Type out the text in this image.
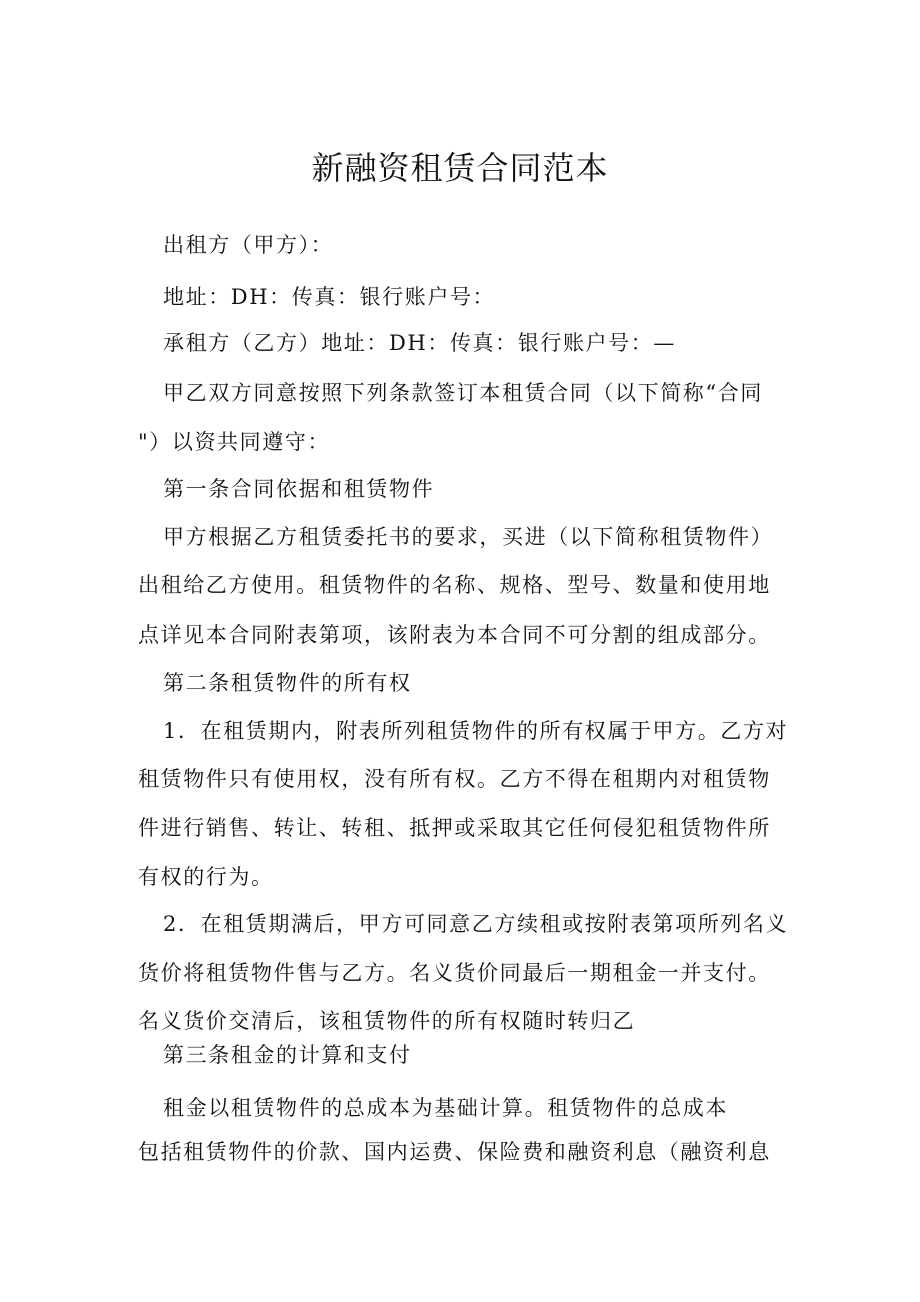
新融资租赁合同范本
出租方（甲方）：
地址：DH：传真：银行账户号：
承租方（乙方）地址：DH：传真：银行账户号：—
甲乙双方同意按照下列条款签订本租赁合同（以下简称“合同
"）以资共同遵守：
第一条合同依据和租赁物件
甲方根据乙方租赁委托书的要求，买进（以下简称租赁物件）
出租给乙方使用。租赁物件的名称、规格、型号、数量和使用地
点详见本合同附表第项，该附表为本合同不可分割的组成部分。
第二条租赁物件的所有权
1．在租赁期内，附表所列租赁物件的所有权属于甲方。乙方对
租赁物件只有使用权，没有所有权。乙方不得在租期内对租赁物
件进行销售、转让、转租、抵押或采取其它任何侵犯租赁物件所
有权的行为。
2．在租赁期满后，甲方可同意乙方续租或按附表第项所列名义
货价将租赁物件售与乙方。名义货价同最后一期租金一并支付。
名义货价交清后，该租赁物件的所有权随时转归乙
第三条租金的计算和支付
租金以租赁物件的总成本为基础计算。租赁物件的总成本
包括租赁物件的价款、国内运费、保险费和融资利息（融资利息
